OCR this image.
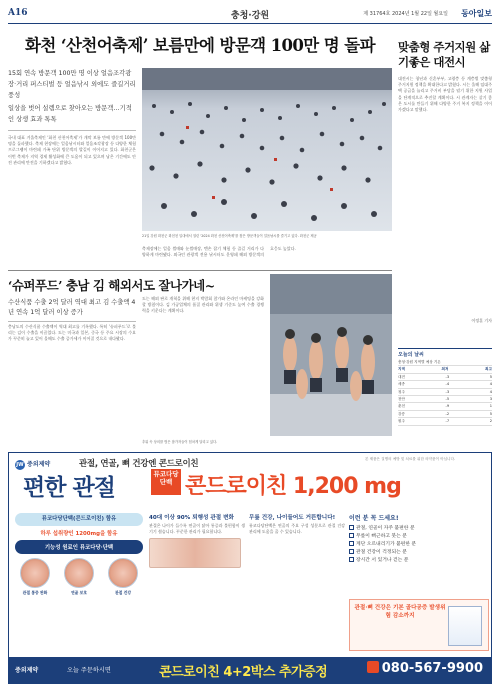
A16	충청·강원	제 31764호 2024년 1월 22일 월요일 동아일보
화천 ‘산천어축제’ 보름만에 방문객 100만 명 돌파

15회 연속 방문객 100만 명 이상 얼음조각광장·거리 퍼스티벌 등 얼음낚시 외에도 즐길거리 풍성

일상을 벗어 설렘으로 찾아오는 방문객…기적인 상생 효과 톡톡

국내 대표 겨울축제인 ‘화천 산천어축제’가 개막 보름 만에 방문객 100만 명을 돌파했다. 축제 현장에는 얼음낚시터와 얼음조각광장 등 다양한 체험 프로그램이 마련돼 가족 단위 방문객의 발길이 이어지고 있다. 화천군은 이번 축제가 지역 경제 활성화에 큰 도움이 되고 있으며 남은 기간에도 안전 관리에 만전을 기하겠다고 밝혔다.
21일 강원 화천군 화천천 일대에서 열린 ‘2024 화천 산천어축제’를 찾은 방문객들이 얼음낚시를 즐기고 있다. 화천군 제공
축제장에는 얼음 썰매와 눈썰매장, 맨손 잡기 체험 등 즐길 거리가 다양하게 마련됐다. 외국인 관광객 전용 낚시터도 운영돼 해외 방문객의 호응도 높았다.
맞춤형 주거지원 삶기좋은 대전시
대전시는 청년과 신혼부부, 고령층 등 계층별 맞춤형 주거지원 정책을 확대한다고 밝혔다. 시는 올해 임대주택 공급을 늘리고 주거비 부담을 덜기 위한 지원 사업을 단계적으로 추진할 계획이다. 시 관계자는 살기 좋은 도시를 만들기 위해 다양한 주거 복지 정책을 이어가겠다고 말했다.
이정훈 기자
‘슈퍼푸드’ 충남 김 해외서도 잘나가네~
수산식품 수출 2억 달러 역대 최고 김 수출액 4년 연속 1억 달러 이상 증가
충남도의 수산식품 수출액이 역대 최고를 기록했다. 특히 ‘슈퍼푸드’로 불리는 김이 수출을 이끌었다. 도는 미국과 일본, 중국 등 주요 시장의 수요가 꾸준히 늘고 있어 올해도 수출 증가세가 이어질 것으로 내다봤다.
도는 해외 판로 개척을 위해 현지 박람회 참가와 온라인 마케팅을 강화할 방침이다. 김 가공업체의 품질 관리와 위생 기준도 높여 수출 경쟁력을 키운다는 계획이다.
추위 속 상의를 벗은 참가자들이 힘차게 달리고 있다.
오늘의 날씨
충청·강원 지역별 예상 기온
지역	최저	최고
대전	-3	5
세종	-4	4
청주	-3	4
천안	-5	3
춘천	-9	1
강릉	-2	5
원주	-7	2
JW 중외제약	관절, 연골, 뼈 건강엔 콘드로이친
편한 관절	뮤코다당 단백 콘드로이친 1,200 mg
본 제품은 질병의 예방 및 치료를 위한 의약품이 아닙니다.
뮤코다당단백(콘드로이친) 함유
하루 섭취량인 1200mg을 함유
기능성 원료인 뮤코다당·단백
관절 통증 완화	연골 보호	관절 건강
40대 이상 90% 퇴행성 관절 변화
관절은 나이가 들수록 연골이 닳아 통증과 불편함이 생기기 쉽습니다. 꾸준한 관리가 필요합니다.
무릎 건강, 나이들어도 거뜬합니다!
뮤코다당단백은 연골의 주요 구성 성분으로 관절 건강 관리에 도움을 줄 수 있습니다.
이런 분 꼭 드세요!
관절, 연골이 자주 불편한 분
무릎이 뻐근하고 붓는 분
계단 오르내리기가 불편한 분
관절 건강이 걱정되는 분
장시간 서 있거나 걷는 분
관절·뼈 건강은 기본 골다공증 발생위험 감소까지
중외제약	오늘 주문하시면	콘드로이친 4+2박스 추가증정	080-567-9900
